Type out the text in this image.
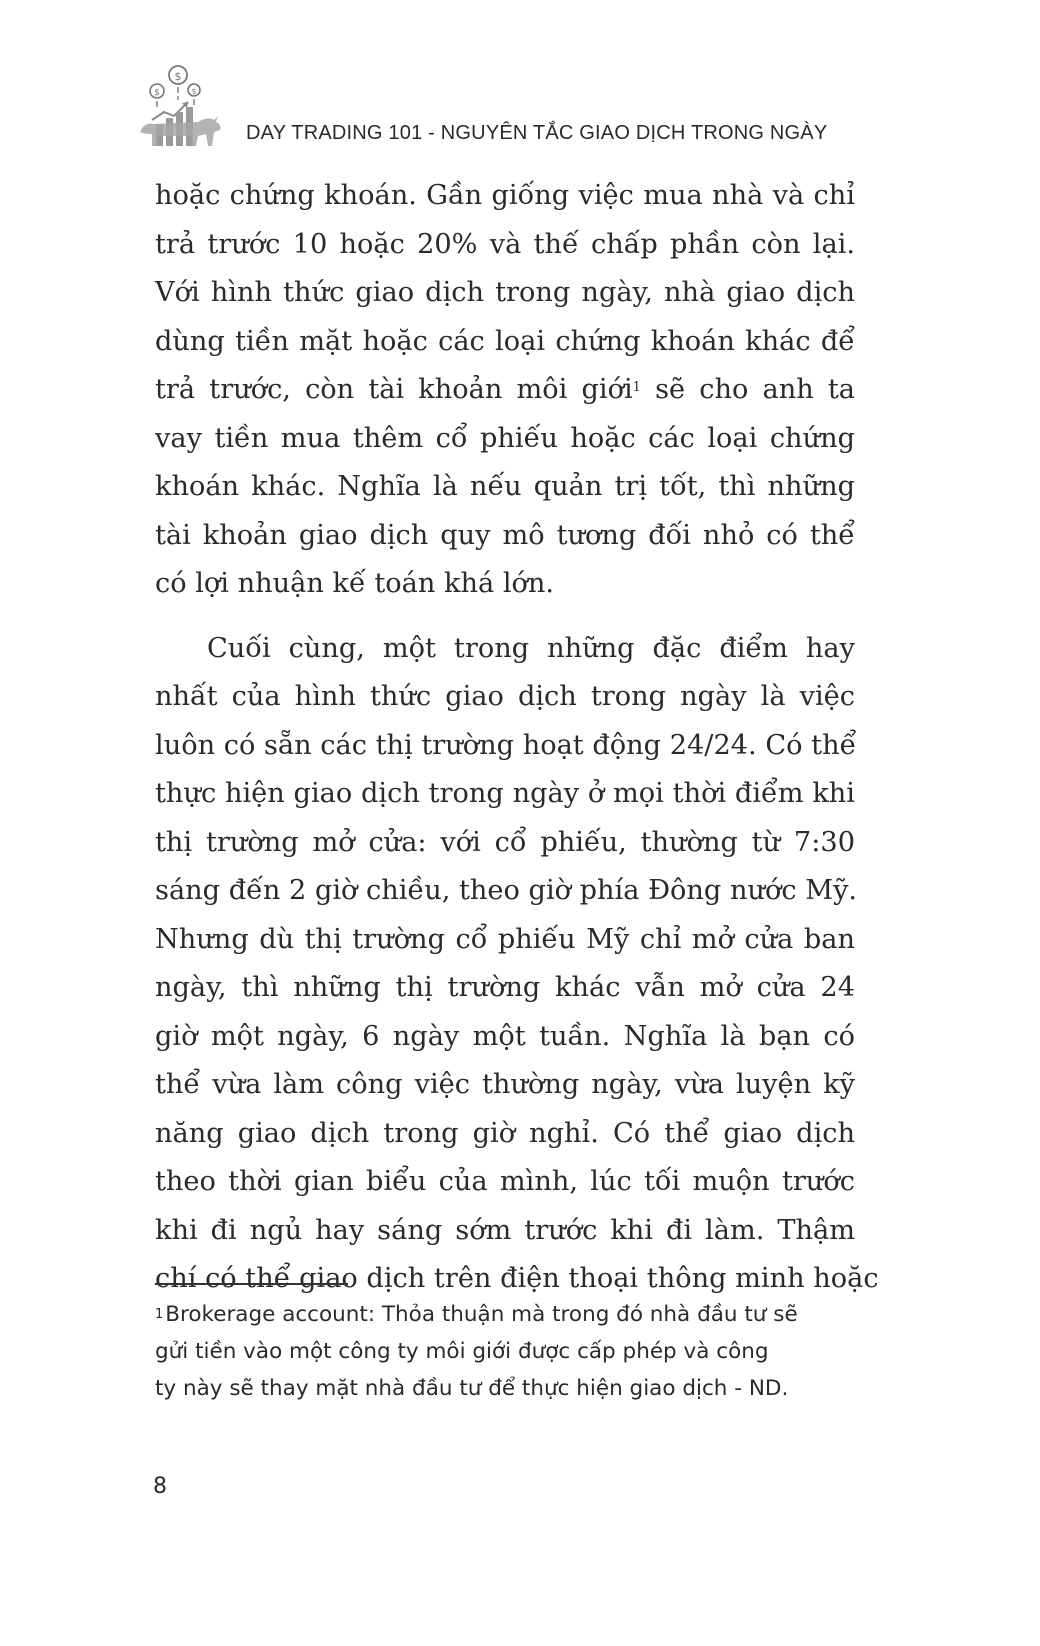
$
$	$
DAY TRADING 101 - NGUYÊN TẮC GIAO DỊCH TRONG NGÀY

hoặc chứng khoán. Gần giống việc mua nhà và chỉ
trả trước 10 hoặc 20% và thế chấp phần còn lại.
Với hình thức giao dịch trong ngày, nhà giao dịch
dùng tiền mặt hoặc các loại chứng khoán khác để
trả trước, còn tài khoản môi giới$^1$ sẽ cho anh ta
vay tiền mua thêm cổ phiếu hoặc các loại chứng
khoán khác. Nghĩa là nếu quản trị tốt, thì những
tài khoản giao dịch quy mô tương đối nhỏ có thể
có lợi nhuận kế toán khá lớn.

Cuối cùng, một trong những đặc điểm hay
nhất của hình thức giao dịch trong ngày là việc
luôn có sẵn các thị trường hoạt động 24/24. Có thể
thực hiện giao dịch trong ngày ở mọi thời điểm khi
thị trường mở cửa: với cổ phiếu, thường từ 7:30
sáng đến 2 giờ chiều, theo giờ phía Đông nước Mỹ.
Nhưng dù thị trường cổ phiếu Mỹ chỉ mở cửa ban
ngày, thì những thị trường khác vẫn mở cửa 24
giờ một ngày, 6 ngày một tuần. Nghĩa là bạn có
thể vừa làm công việc thường ngày, vừa luyện kỹ
năng giao dịch trong giờ nghỉ. Có thể giao dịch
theo thời gian biểu của mình, lúc tối muộn trước
khi đi ngủ hay sáng sớm trước khi đi làm. Thậm
chí có thể giao dịch trên điện thoại thông minh hoặc

$^1$Brokerage account: Thỏa thuận mà trong đó nhà đầu tư sẽ
gửi tiền vào một công ty môi giới được cấp phép và công
ty này sẽ thay mặt nhà đầu tư để thực hiện giao dịch - ND.
8
